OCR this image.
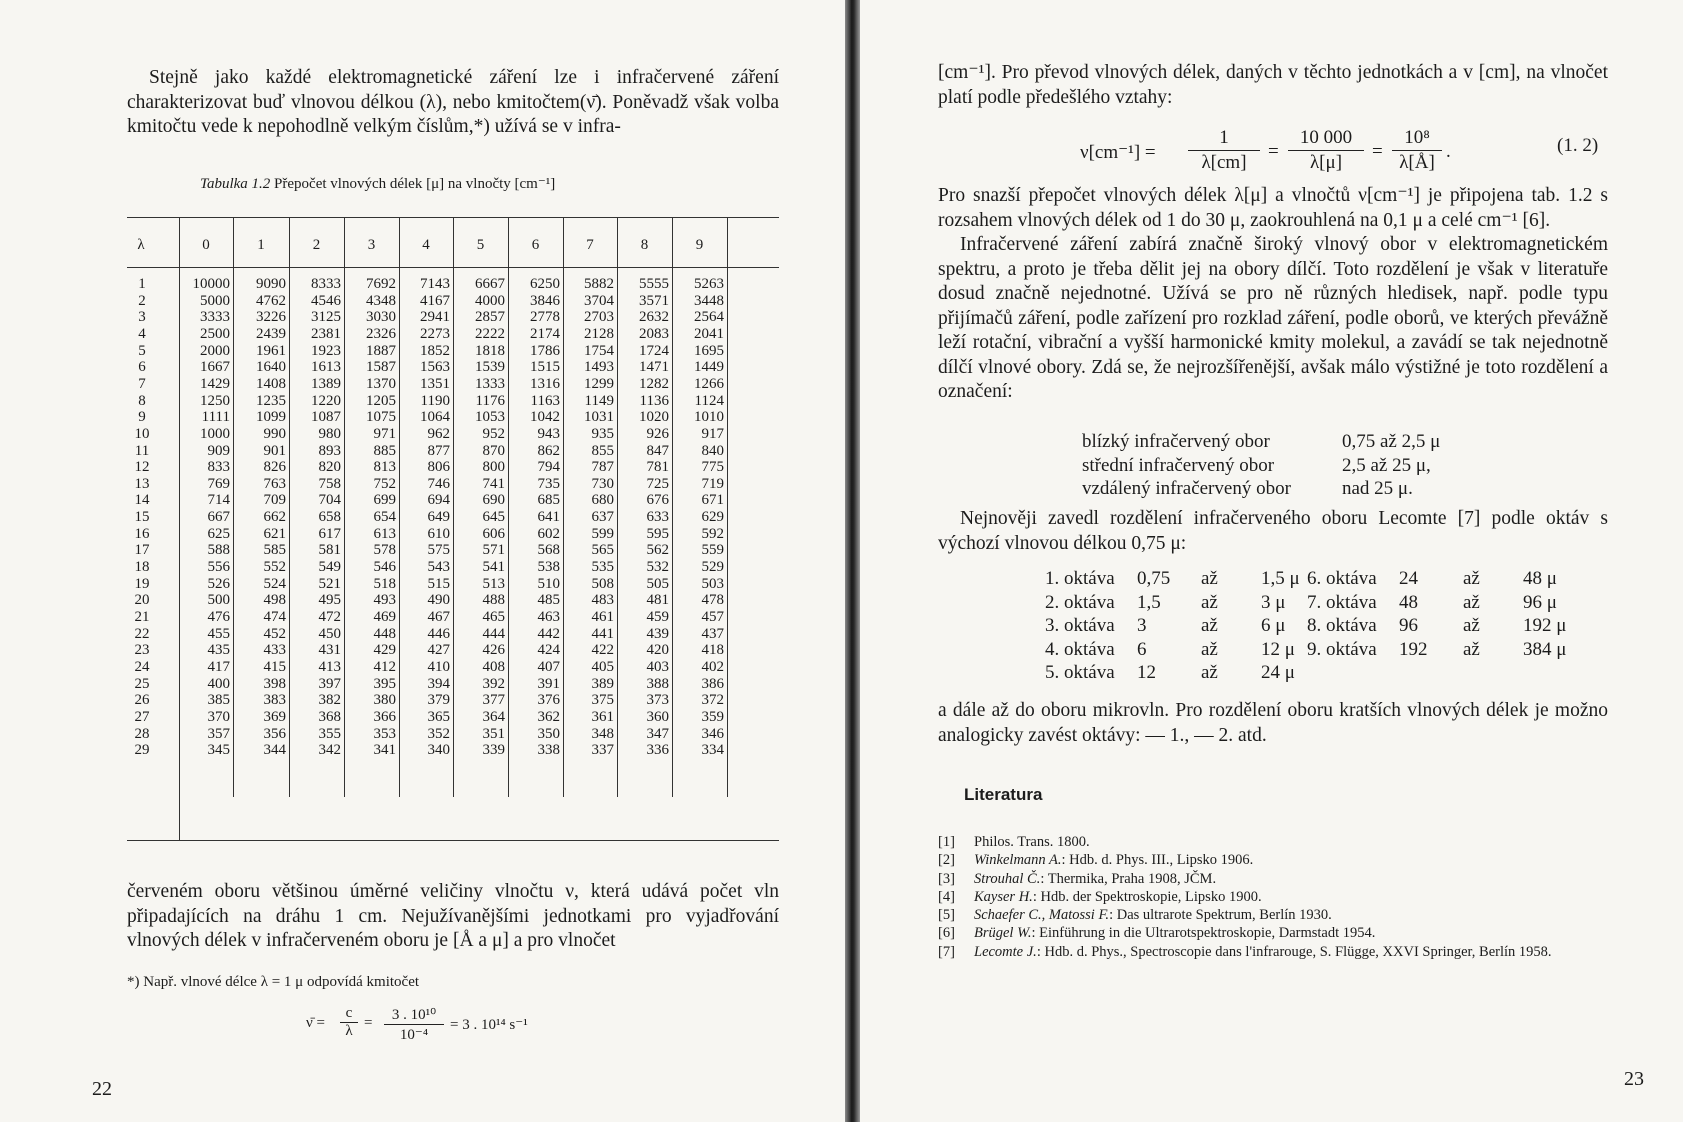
Stejně jako každé elektromagnetické záření lze i infračervené záření charakterizovat buď vlnovou délkou (λ), nebo kmitočtem(ν̄). Poněvadž však volba kmitočtu vede k nepohodlně velkým číslům,*) užívá se v infra-

Tabulka 1.2 Přepočet vlnových délek [μ] na vlnočty [cm⁻¹]
λ	0	1	2	3	4	5	6	7	8	9
1	10000	9090	8333	7692	7143	6667	6250	5882	5555	5263
2	5000	4762	4546	4348	4167	4000	3846	3704	3571	3448
3	3333	3226	3125	3030	2941	2857	2778	2703	2632	2564
4	2500	2439	2381	2326	2273	2222	2174	2128	2083	2041
5	2000	1961	1923	1887	1852	1818	1786	1754	1724	1695
6	1667	1640	1613	1587	1563	1539	1515	1493	1471	1449
7	1429	1408	1389	1370	1351	1333	1316	1299	1282	1266
8	1250	1235	1220	1205	1190	1176	1163	1149	1136	1124
9	1111	1099	1087	1075	1064	1053	1042	1031	1020	1010
10	1000	990	980	971	962	952	943	935	926	917
11	909	901	893	885	877	870	862	855	847	840
12	833	826	820	813	806	800	794	787	781	775
13	769	763	758	752	746	741	735	730	725	719
14	714	709	704	699	694	690	685	680	676	671
15	667	662	658	654	649	645	641	637	633	629
16	625	621	617	613	610	606	602	599	595	592
17	588	585	581	578	575	571	568	565	562	559
18	556	552	549	546	543	541	538	535	532	529
19	526	524	521	518	515	513	510	508	505	503
20	500	498	495	493	490	488	485	483	481	478
21	476	474	472	469	467	465	463	461	459	457
22	455	452	450	448	446	444	442	441	439	437
23	435	433	431	429	427	426	424	422	420	418
24	417	415	413	412	410	408	407	405	403	402
25	400	398	397	395	394	392	391	389	388	386
26	385	383	382	380	379	377	376	375	373	372
27	370	369	368	366	365	364	362	361	360	359
28	357	356	355	353	352	351	350	348	347	346
29	345	344	342	341	340	339	338	337	336	334

červeném oboru většinou úměrné veličiny vlnočtu ν, která udává počet vln připadajících na dráhu 1 cm. Nejužívanějšími jednotkami pro vyjadřování vlnových délek v infračerveném oboru je [Å a μ] a pro vlnočet

*) Např. vlnové délce λ = 1 μ odpovídá kmitočet
ν̄ = $\frac{c}{\lambda} = \frac{\text{3 . 10¹⁰}}{\text{10⁻⁴}} = 3$ . 10¹⁴ s⁻¹
22

[cm⁻¹]. Pro převod vlnových délek, daných v těchto jednotkách a v [cm], na vlnočet platí podle předešlého vztahy:

$\nu[cm^{-1}] = \frac{1}{\lambda[cm]} = \frac{10 000}{\lambda[\mu]} = \frac{\text{10⁸}}{\lambda[Å]}$ .	(1. 2)

Pro snazší přepočet vlnových délek λ[μ] a vlnočtů ν[cm⁻¹] je připojena tab. 1.2 s rozsahem vlnových délek od 1 do 30 μ, zaokrouhlená na 0,1 μ a celé cm⁻¹ [6].

Infračervené záření zabírá značně široký vlnový obor v elektromagnetickém spektru, a proto je třeba dělit jej na obory dílčí. Toto rozdělení je však v literatuře dosud značně nejednotné. Užívá se pro ně různých hledisek, např. podle typu přijímačů záření, podle zařízení pro rozklad záření, podle oborů, ve kterých převážně leží rotační, vibrační a vyšší harmonické kmity molekul, a zavádí se tak nejednotně dílčí vlnové obory. Zdá se, že nejrozšířenější, avšak málo výstižné je toto rozdělení a označení:

blízký infračervený obor	0,75 až 2,5 μ
střední infračervený obor	2,5 až 25 μ,
vzdálený infračervený obor	nad 25 μ.

Nejnověji zavedl rozdělení infračerveného oboru Lecomte [7] podle oktáv s výchozí vlnovou délkou 0,75 μ:

1. oktáva	0,75	až	1,5 μ
2. oktáva	1,5	až	3 μ
3. oktáva	3	až	6 μ
4. oktáva	6	až	12 μ
5. oktáva	12	až	24 μ
6. oktáva	24	až	48 μ
7. oktáva	48	až	96 μ
8. oktáva	96	až	192 μ
9. oktáva	192	až	384 μ

a dále až do oboru mikrovln. Pro rozdělení oboru kratších vlnových délek je možno analogicky zavést oktávy: — 1., — 2. atd.

Literatura
[1]	Philos. Trans. 1800.
[2]	Winkelmann A.: Hdb. d. Phys. III., Lipsko 1906.
[3]	Strouhal Č.: Thermika, Praha 1908, JČM.
[4]	Kayser H.: Hdb. der Spektroskopie, Lipsko 1900.
[5]	Schaefer C., Matossi F.: Das ultrarote Spektrum, Berlín 1930.
[6]	Brügel W.: Einführung in die Ultrarotspektroskopie, Darmstadt 1954.
[7]	Lecomte J.: Hdb. d. Phys., Spectroscopie dans l'infrarouge, S. Flügge, XXVI Springer, Berlín 1958.
23
